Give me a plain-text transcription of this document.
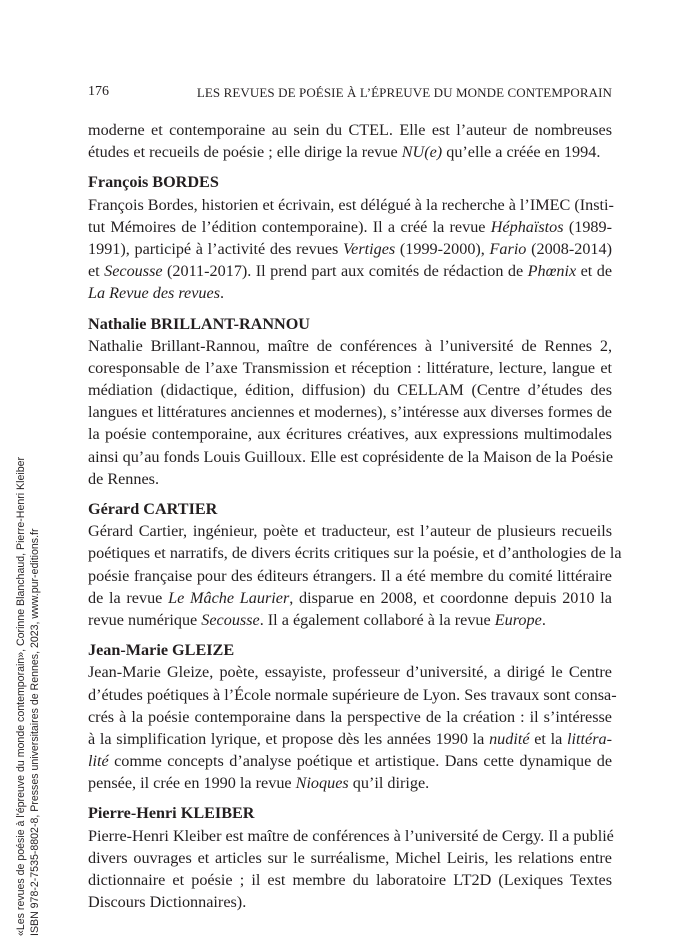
176	LES REVUES DE POÉSIE À L’ÉPREUVE DU MONDE CONTEMPORAIN
moderne et contemporaine au sein du CTEL. Elle est l’auteur de nombreuses
études et recueils de poésie ; elle dirige la revue NU(e) qu’elle a créée en 1994.
François BORDES
François Bordes, historien et écrivain, est délégué à la recherche à l’IMEC (Insti-
tut Mémoires de l’édition contemporaine). Il a créé la revue Héphaïstos (1989-
1991), participé à l’activité des revues Vertiges (1999-2000), Fario (2008-2014)
et Secousse (2011-2017). Il prend part aux comités de rédaction de Phœnix et de
La Revue des revues.
Nathalie BRILLANT-RANNOU
Nathalie Brillant-Rannou, maître de conférences à l’université de Rennes 2,
coresponsable de l’axe Transmission et réception : littérature, lecture, langue et
médiation (didactique, édition, diffusion) du CELLAM (Centre d’études des
langues et littératures anciennes et modernes), s’intéresse aux diverses formes de
la poésie contemporaine, aux écritures créatives, aux expressions multimodales
ainsi qu’au fonds Louis Guilloux. Elle est coprésidente de la Maison de la Poésie
de Rennes.
Gérard CARTIER
Gérard Cartier, ingénieur, poète et traducteur, est l’auteur de plusieurs recueils
poétiques et narratifs, de divers écrits critiques sur la poésie, et d’anthologies de la
poésie française pour des éditeurs étrangers. Il a été membre du comité littéraire
de la revue Le Mâche Laurier, disparue en 2008, et coordonne depuis 2010 la
revue numérique Secousse. Il a également collaboré à la revue Europe.
Jean-Marie GLEIZE
Jean-Marie Gleize, poète, essayiste, professeur d’université, a dirigé le Centre
d’études poétiques à l’École normale supérieure de Lyon. Ses travaux sont consa-
crés à la poésie contemporaine dans la perspective de la création : il s’intéresse
à la simplification lyrique, et propose dès les années 1990 la nudité et la littéra-
lité comme concepts d’analyse poétique et artistique. Dans cette dynamique de
pensée, il crée en 1990 la revue Nioques qu’il dirige.
Pierre-Henri KLEIBER
Pierre-Henri Kleiber est maître de conférences à l’université de Cergy. Il a publié
divers ouvrages et articles sur le surréalisme, Michel Leiris, les relations entre
dictionnaire et poésie ; il est membre du laboratoire LT2D (Lexiques Textes
Discours Dictionnaires).
«Les revues de poésie à l'épreuve du monde contemporain», Corinne Blanchaud, Pierre-Henri Kleiber ISBN 978-2-7535-8802-8, Presses universitaires de Rennes, 2023, www.pur-editions.fr
